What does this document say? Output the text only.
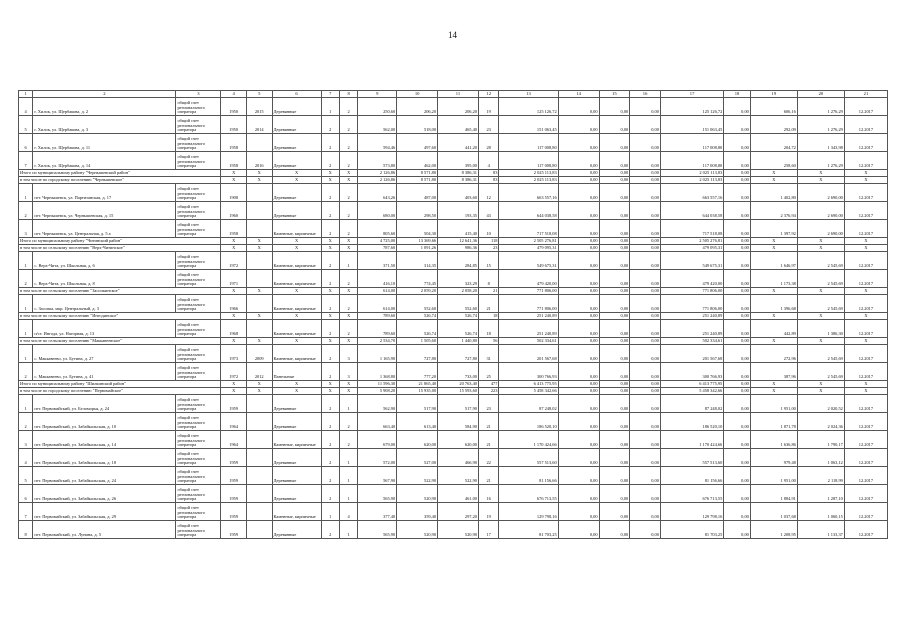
14
1	2	3	4	5	6	7	8	9	10	11	12	13	14	15	16	17	18	19	20	21
4	г. Хилок, ул. Щербакова, д. 2	общий счет регионального оператора	1950	2015	Деревянные	1	2	250,60	206,20	206,20	19	125 126,72	0,00	0,00	0,00	125 126,72	0,00	606,16	1 276,29	12.2017
5	г. Хилок, ул. Щербакова, д. 3	общий счет регионального оператора	1950	2014	Деревянные	2	2	562,00	518,00	465,40	23	151 063,45	0,00	0,00	0,00	151 063,45	0,00	292,09	1 276,29	12.2017
6	г. Хилок, ул. Щербакова, д. 11	общий счет регионального оператора	1958		Деревянные	2	2	594,46	497,60	441,20	28	117 008,80	0,00	0,00	0,00	117 008,80	0,00	204,72	1 343,98	12.2017
7	г. Хилок, ул. Щербакова, д. 14	общий счет регионального оператора	1958	2016	Деревянные	2	2	573,80	462,00	395,00	4	117 008,80	0,00	0,00	0,00	117 008,80	0,00	258,60	1 276,29	12.2017
Итого по муниципальному району "Чернышевский район"			X	X	X	X	X	2 126,86	8 571,80	8 386,31	83	2 025 113,83	0,00	0,00	0,00	2 025 113,83	0,00	X	X	X
в том числе по городскому поселению "Чернышевское"			X	X	X	X	X	2 126,86	8 571,80	8 386,31	83	2 025 113,83	0,00	0,00	0,00	2 025 113,83	0,00	X	X	X
1	пгт. Чернышевск, ул. Партизанская, д. 17	общий счет регионального оператора	1908		Деревянные	2	2	643,26	487,00	403,60	12	663 557,16	0,00	0,00	0,00	663 557,16	0,00	1 402,80	2 690,00	12.2017
2	пгт. Чернышевск, ул. Чернышевская, д. 15	общий счет регионального оператора	1960		Деревянные	2	2	680,00	298,50	193,35	43	644 038,58	0,00	0,00	0,00	644 038,58	0,00	2 376,94	2 690,00	12.2017
3	пгт. Чернышевск, ул. Центральная, д. 5 а	общий счет регионального оператора	1958		Каменные, кирпичные	2	2	805,60	504,30	415,40	10	717 518,08	0,00	0,00	0,00	717 518,08	0,00	1 397,92	2 690,00	12.2017
Итого по муниципальному району "Читинский район"			X	X	X	X	X	4 725,00	13 369,66	12 641,36	118	2 505 276,81	0,00	0,00	0,00	2 505 276,81	0,00	X	X	X
в том числе по сельскому поселению "Верх-Читинское"			X	X	X	X	X	787,60	1 091,26	986,36	23	479 095,31	0,00	0,00	0,00	479 095,31	0,00	X	X	X
1	с. Верх-Чита, ул. Школьная, д. 6	общий счет регионального оператора	1972		Каменные, кирпичные	2	1	371,50	314,35	284,85	15	549 675,31	0,00	0,00	0,00	549 675,31	0,00	1 646,97	2 545,69	12.2017
2	с. Верх-Чита, ул. Школьная, д. 8	общий счет регионального оператора	1971		Каменные, кирпичные	2	2	416,10	774,45	323,29	8	479 420,00	0,00	0,00	0,00	479 420,00	0,00	1 173,38	2 545,69	12.2017
в том числе по сельскому поселению "Засопкинское"			X	X	X	X	X	614,00	2 059,20	2 058,20	21	771 806,00	0,00	0,00	0,00	771 806,00	0,00	X	X	X
1	с. Засопка, мкр. Центральный, д. 3	общий счет регионального оператора	1966		Каменные, кирпичные	2	2	614,00	552,60	552,60	21	771 806,00	0,00	0,00	0,00	771 806,00	0,00	1 396,68	2 545,69	12.2017
в том числе по сельскому поселению "Ингодинское"			X	X	X	X	X	789,60	526,74	526,74	18	251 240,89	0,00	0,00	0,00	251 240,89	0,00	X	X	X
1	п/ст. Ингода, ул. Нагорная, д. 13	общий счет регионального оператора	1968		Каменные, кирпичные	2	2	789,60	526,74	526,74	18	251 240,89	0,00	0,00	0,00	251 240,89	0,00	442,89	1 386,30	12.2017
в том числе по сельскому поселению "Маккавеевское"			X	X	X	X	X	2 534,70	1 505,60	1 440,80	56	502 334,61	0,00	0,00	0,00	502 334,61	0,00	X	X	X
1	с. Маккавеево, ул. Бутина, д. 27	общий счет регионального оператора	1973	2009	Каменные, кирпичные	2	3	1 165,90	727,80	727,80	31	201 567,68	0,00	0,00	0,00	201 567,68	0,00	272,96	2 545,69	12.2017
2	с. Маккавеево, ул. Бутина, д. 41	общий счет регионального оператора	1972	2012	Панельные	2	3	1 368,80	777,20	733,00	25	300 766,93	0,00	0,00	0,00	300 766,93	0,00	387,96	2 545,69	12.2017
Итого по муниципальному району "Шилкинский район"			X	X	X	X	X	11 596,30	21 865,40	20 763,40	477	6 413 775,95	0,00	0,00	0,00	6 413 775,95	0,00	X	X	X
в том числе по городскому поселению "Первомайское"			X	X	X	X	X	5 908,20	15 935,00	15 593,60	223	5 458 342,66	0,00	0,00	0,00	5 458 342,66	0,00	X	X	X
1	пгт. Первомайский, ул. Беломорья, д. 24	общий счет регионального оператора	1959		Деревянные	2	1	562,90	517,90	517,90	23	87 248,02	0,00	0,00	0,00	87 248,02	0,00	1 951,00	2 020,52	12.2017
2	пгт. Первомайский, ул. Забайкальская, д. 10	общий счет регионального оператора	1964		Деревянные	2	2	663,40	613,40	584,90	21	186 520,10	0,00	0,00	0,00	186 520,10	0,00	1 871,78	2 024,36	12.2017
3	пгт. Первомайский, ул. Забайкальская, д. 14	общий счет регионального оператора	1964		Каменные, кирпичные	2	2	679,00	620,00	620,00	21	1 170 424,66	0,00	0,00	0,00	1 170 424,66	0,00	1 636,86	1 790,17	12.2017
4	пгт. Первомайский, ул. Забайкальская, д. 18	общий счет регионального оператора	1959		Деревянные	2	1	572,00	527,00	466,90	22	557 513,60	0,00	0,00	0,00	557 513,60	0,00	979,48	1 063,12	12.2017
5	пгт. Первомайский, ул. Забайкальская, д. 24	общий счет регионального оператора	1959		Деревянные	2	1	567,90	522,90	522,90	21	81 156,66	0,00	0,00	0,00	81 156,66	0,00	1 951,00	2 118,99	12.2017
6	пгт. Первомайский, ул. Забайкальская, д. 26	общий счет регионального оператора	1959		Деревянные	2	1	565,90	520,90	461,00	16	676 713,55	0,00	0,00	0,00	676 713,55	0,00	1 884,91	1 287,10	12.2017
7	пгт. Первомайский, ул. Забайкальская, д. 29	общий счет регионального оператора	1959		Каменные, кирпичные	1	4	377,40	359,40	297,20	19	129 798,16	0,00	0,00	0,00	129 798,16	0,00	1 037,68	1 060,15	12.2017
8	пгт. Первомайский, ул. Лунина, д. 5	общий счет регионального оператора	1959		Деревянные	2	1	565,90	520,90	520,90	17	81 703,25	0,00	0,00	0,00	81 703,25	0,00	1 208,95	1 133,37	12.2017
